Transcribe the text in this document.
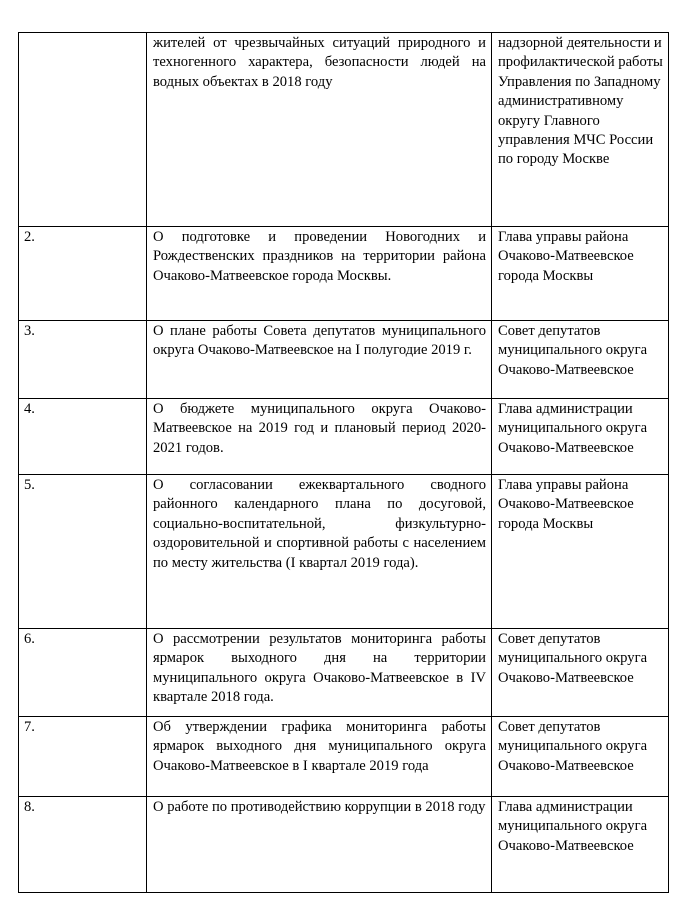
	жителей от чрезвычайных ситуаций природного и техногенного характера, безопасности людей на водных объектах в 2018 году	надзорной деятельности и профилактической работы Управления по Западному административному округу Главного управления МЧС России по городу Москве
2.	О подготовке и проведении Новогодних и Рождественских праздников на территории района Очаково-Матвеевское города Москвы.	Глава управы района Очаково-Матвеевское города Москвы
3.	О плане работы Совета депутатов муниципального округа Очаково-Матвеевское на I полугодие 2019 г.	Совет депутатов муниципального округа Очаково-Матвеевское
4.	О бюджете муниципального округа Очаково-Матвеевское на 2019 год и плановый период 2020-2021 годов.	Глава администрации муниципального округа Очаково-Матвеевское
5.	О согласовании ежеквартального сводного районного календарного плана по досуговой, социально-воспитательной, физкультурно-оздоровительной и спортивной работы с населением по месту жительства (I квартал 2019 года).	Глава управы района Очаково-Матвеевское города Москвы
6.	О рассмотрении результатов мониторинга работы ярмарок выходного дня на территории муниципального округа Очаково-Матвеевское в IV квартале 2018 года.	Совет депутатов муниципального округа Очаково-Матвеевское
7.	Об утверждении графика мониторинга работы ярмарок выходного дня муниципального округа Очаково-Матвеевское в I квартале 2019 года	Совет депутатов муниципального округа Очаково-Матвеевское
8.	О работе по противодействию коррупции в 2018 году	Глава администрации муниципального округа Очаково-Матвеевское
